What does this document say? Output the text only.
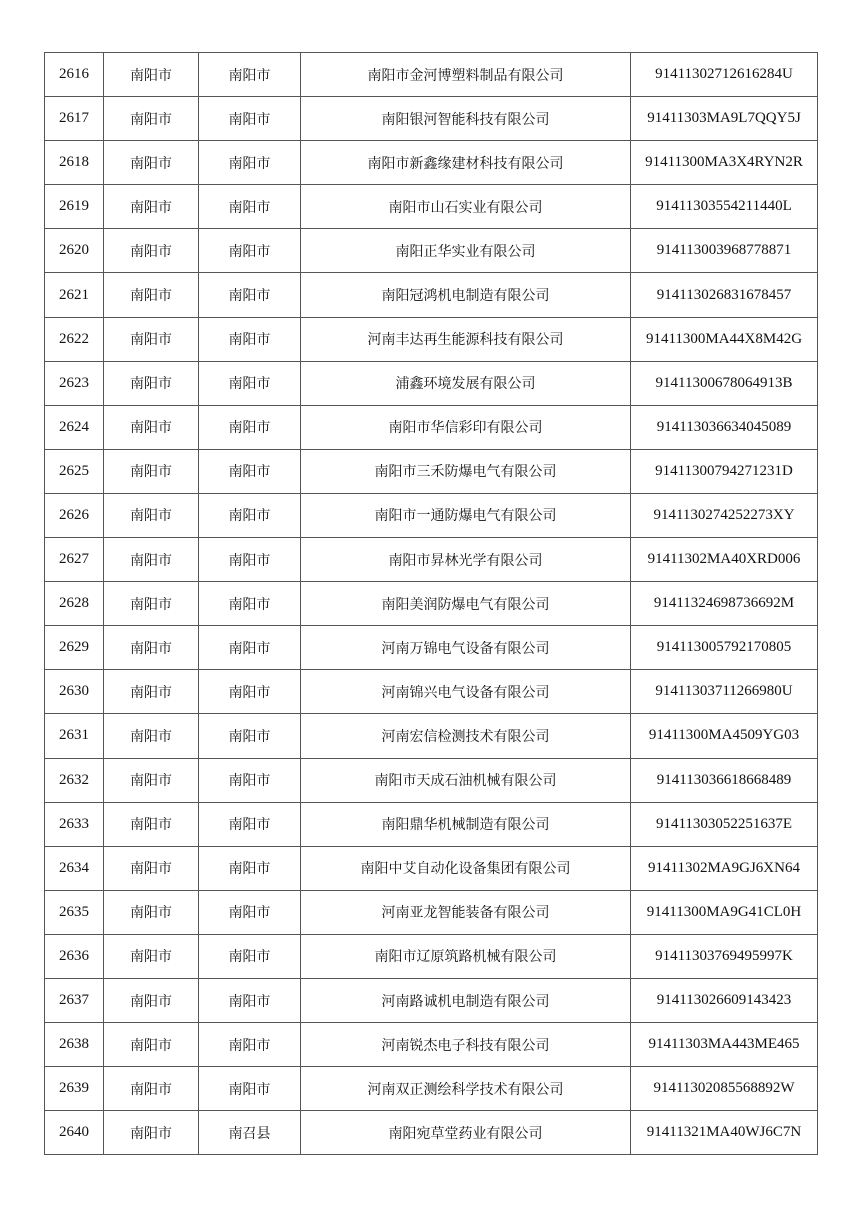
2616	南阳市	南阳市	南阳市金河博塑料制品有限公司	91411302712616284U
2617	南阳市	南阳市	南阳银河智能科技有限公司	91411303MA9L7QQY5J
2618	南阳市	南阳市	南阳市新鑫缘建材科技有限公司	91411300MA3X4RYN2R
2619	南阳市	南阳市	南阳市山石实业有限公司	91411303554211440L
2620	南阳市	南阳市	南阳正华实业有限公司	914113003968778871
2621	南阳市	南阳市	南阳冠鸿机电制造有限公司	914113026831678457
2622	南阳市	南阳市	河南丰达再生能源科技有限公司	91411300MA44X8M42G
2623	南阳市	南阳市	浦鑫环境发展有限公司	91411300678064913B
2624	南阳市	南阳市	南阳市华信彩印有限公司	914113036634045089
2625	南阳市	南阳市	南阳市三禾防爆电气有限公司	91411300794271231D
2626	南阳市	南阳市	南阳市一通防爆电气有限公司	9141130274252273XY
2627	南阳市	南阳市	南阳市昇林光学有限公司	91411302MA40XRD006
2628	南阳市	南阳市	南阳美润防爆电气有限公司	91411324698736692M
2629	南阳市	南阳市	河南万锦电气设备有限公司	914113005792170805
2630	南阳市	南阳市	河南锦兴电气设备有限公司	91411303711266980U
2631	南阳市	南阳市	河南宏信检测技术有限公司	91411300MA4509YG03
2632	南阳市	南阳市	南阳市天成石油机械有限公司	914113036618668489
2633	南阳市	南阳市	南阳鼎华机械制造有限公司	91411303052251637E
2634	南阳市	南阳市	南阳中艾自动化设备集团有限公司	91411302MA9GJ6XN64
2635	南阳市	南阳市	河南亚龙智能装备有限公司	91411300MA9G41CL0H
2636	南阳市	南阳市	南阳市辽原筑路机械有限公司	91411303769495997K
2637	南阳市	南阳市	河南路诚机电制造有限公司	914113026609143423
2638	南阳市	南阳市	河南锐杰电子科技有限公司	91411303MA443ME465
2639	南阳市	南阳市	河南双正测绘科学技术有限公司	91411302085568892W
2640	南阳市	南召县	南阳宛草堂药业有限公司	91411321MA40WJ6C7N
